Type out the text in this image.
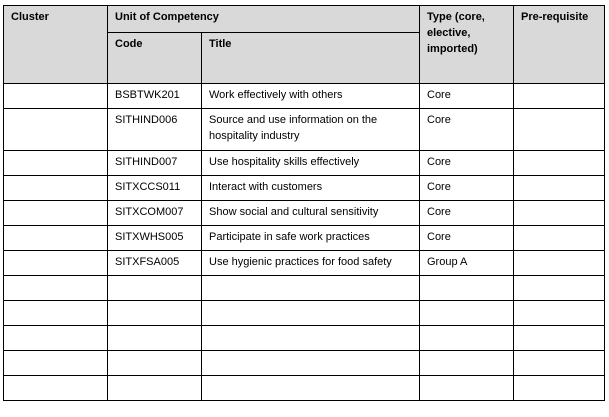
Cluster	Unit of Competency		Type (core, elective, imported)	Pre-requisite
	Code	Title		
	BSBTWK201	Work effectively with others	Core	
	SITHIND006	Source and use information on the hospitality industry	Core	
	SITHIND007	Use hospitality skills effectively	Core	
	SITXCCS011	Interact with customers	Core	
	SITXCOM007	Show social and cultural sensitivity	Core	
	SITXWHS005	Participate in safe work practices	Core	
	SITXFSA005	Use hygienic practices for food safety	Group A	
